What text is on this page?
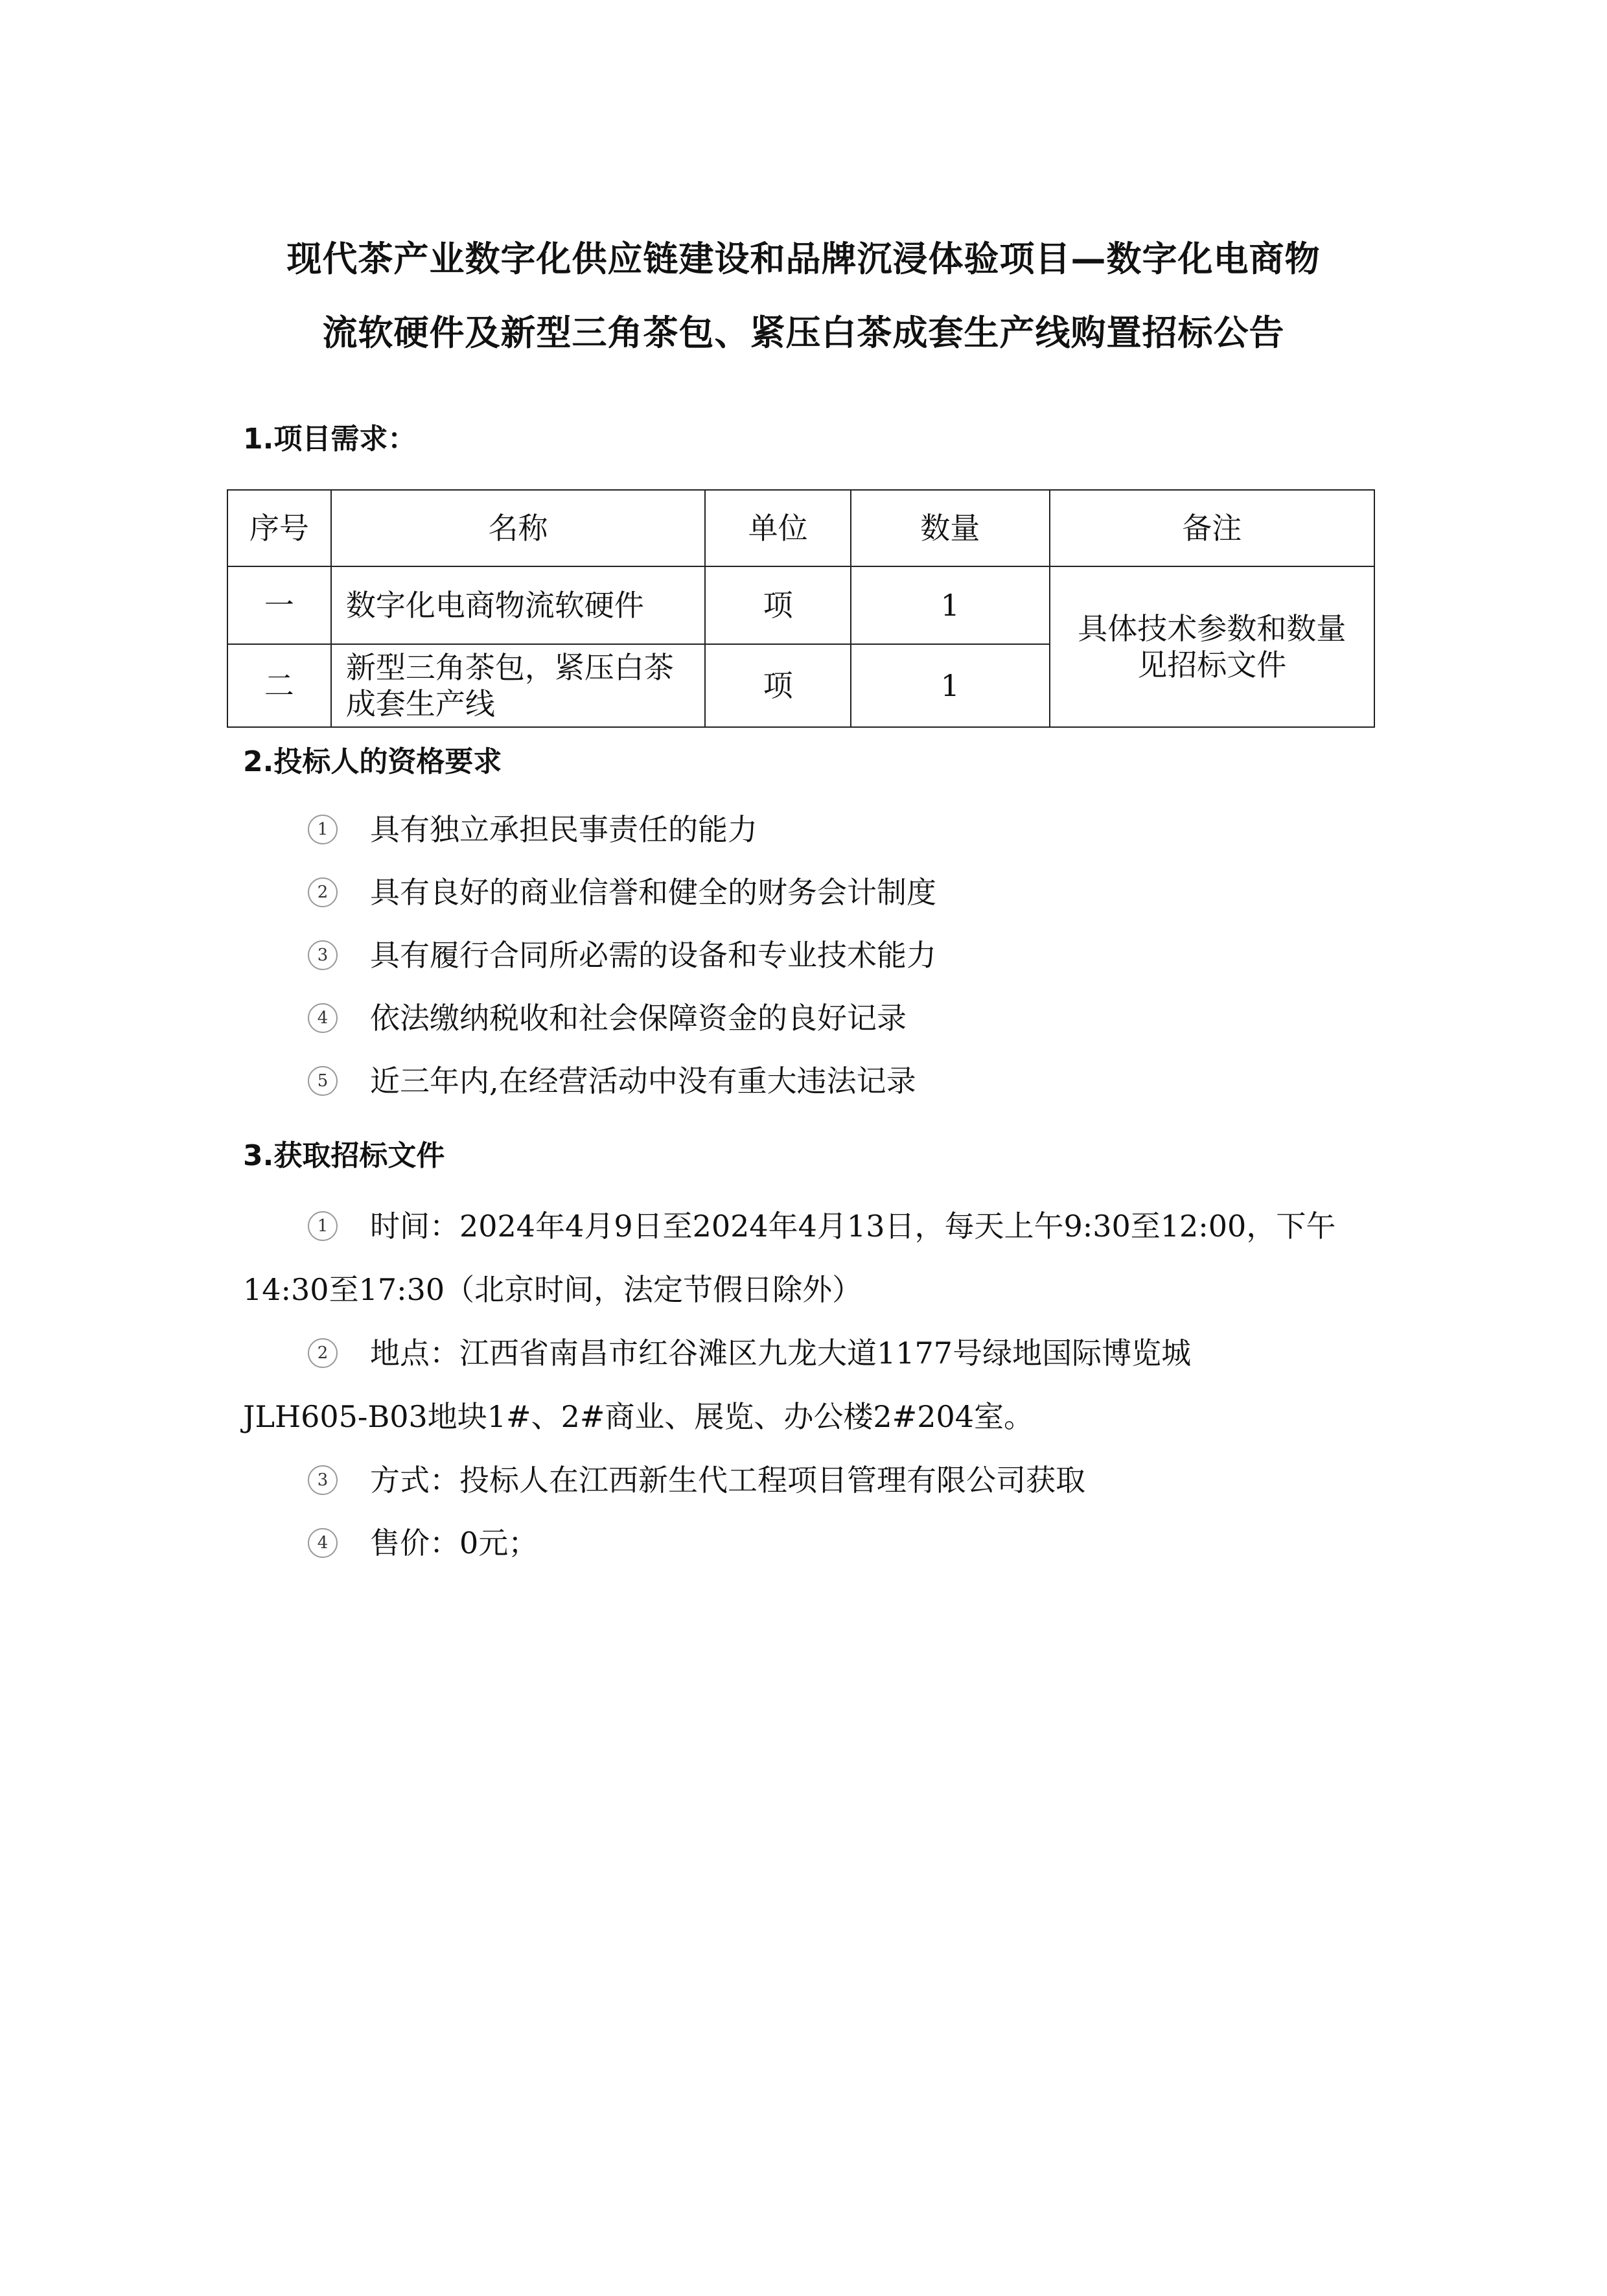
现代茶产业数字化供应链建设和品牌沉浸体验项目—数字化电商物
流软硬件及新型三角茶包、紧压白茶成套生产线购置招标公告
1.项目需求：
序号	名称	单位	数量	备注
一	数字化电商物流软硬件	项	1	具体技术参数和数量
见招标文件

二	新型三角茶包，紧压白茶
成套生产线	项	1	
2.投标人的资格要求
1 具有独立承担民事责任的能力
2 具有良好的商业信誉和健全的财务会计制度
3 具有履行合同所必需的设备和专业技术能力
4 依法缴纳税收和社会保障资金的良好记录
5 近三年内,在经营活动中没有重大违法记录
3.获取招标文件
1 时间：2024年4月9日至2024年4月13日，每天上午9:30至12:00，下午
14:30至17:30（北京时间，法定节假日除外）
2 地点：江西省南昌市红谷滩区九龙大道1177号绿地国际博览城
JLH605-B03地块1#、2#商业、展览、办公楼2#204室。
3 方式：投标人在江西新生代工程项目管理有限公司获取
4 售价：0元；
